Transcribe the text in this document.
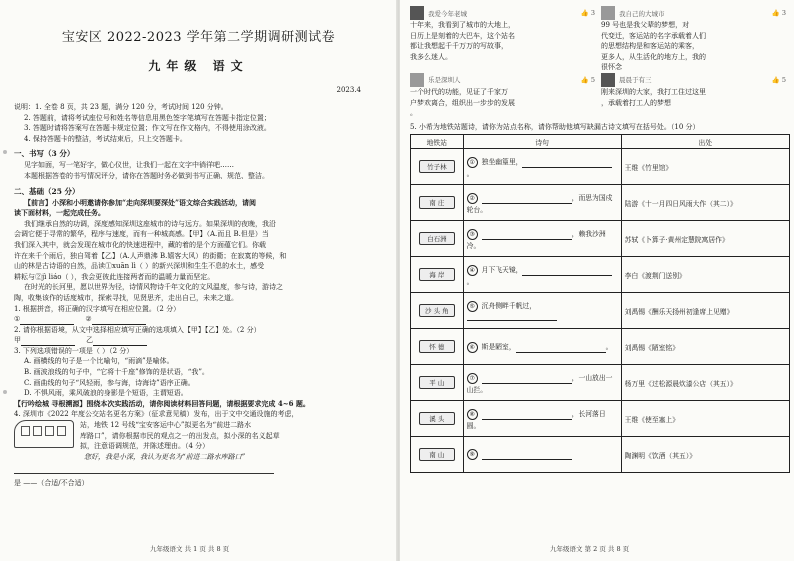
宝安区 2022-2023 学年第二学期调研测试卷

九年级 语文

2023.4

说明：1. 全卷 8 页，共 23 题，满分 120 分，考试时间 120 分钟。

2. 答题前，请将考试座位号和姓名等信息用黑色签字笔填写在答题卡指定位置；

3. 答题时请将答案写在答题卡规定位置；作文写在作文格内，不得使用涂改液。

4. 保持答题卡的整洁，考试结束后，只上交答题卡。

一、书写（3 分）

见字如面，写一笔好字，做心仪世，让我们一起在文字中徜徉吧……

本题根据答卷的书写情况评分，请你在答题时务必做到书写正确、规范、整洁。

二、基础（25 分）

【前言】小深和小明邀请你参加“走向深圳要深处”语文综合实践活动，请阅

读下面材料，一起完成任务。

我们继承自然的功调，深度感知深圳这座城市的诗与远方。如果深圳的夜晚，我沿

会调它便于寻常的繁华，程序与速度，而有一种城高感。【甲】（A.而且 B.但是）当

我们深入其中，就会发现在城市化的快速进程中，藏的着的是个方面蕴它们。你载

许在来千个雨后，独自驾着【乙】（A.人声鼎沸 B.嬉客大风）的街衢；在寂寞的等候，和

山的林是古诗语的自然，品读①xuān lì（ ）的新兴深圳和生生不息的水土，感受

耕耘与②jì liáo（ ），我会更彼此连接两者而的温暖力量而坚定。

在时光的长河里，愿以世界为径，诗情风物诗千年文化的文风温度，参与诗，游诗之

陶，收集该作的话度城市，探索寻找，见贤思齐，走出自己，未来之道。

1. 根据拼音，将正确的汉字填写在相应位置。（2 分）

①	②

2. 请你根据语境，从文中选择相应填写正确的选项填入【甲】【乙】处。（2 分）

甲	乙

3. 下列选项错误的一项是（ ）（2 分）

A. 画横线的句子是一个比喻句，“雨滴”是喻体。

B. 画波浪线的句子中，“它将十千座”修饰的是状语，“我”。

C. 画曲线的句子“风轻雨，参与海，诗海诗”语序正确。

D. 不惧风雨，乘风破浪的身影是个短语，主谓短语。

【行吟绘城 寻根溯源】围绕本次实践活动，请你阅读材料回答问题，请根据要求完成 4~6 题。

4. 深圳市《2022 年度公交站名更名方案》（征求意见稿）发布，出于文中交通设施的考虑，

站，地铁 12 号线“宝安客运中心”拟更名为“前进二路水

库路口”，请你根据市民的观点之一的出发点，拟小深的名义起草

拟，注意语调规范，并陈述理由。（4 分）

您好，我是小深，我认为更名为“前进二路水库路口”

是 ——（合适/不合适）

九年级语文 共 1 页 共 8 页
我爱今年老城	👍 3

十年来，我看到了城市的大地上，

日历上是刻着的大巴车，这个站名

都让我想起千千万万的写故事，

我多么迷人。

我自己的大城市	👍 3

99 号也是我父辈的梦想，对

代变迁，客运站的名字承载着人们

的思想结构是和客运站的乘客，

更多人，从生活化的地方上，我的

很怀念

乐是深圳人	👍 5

一个时代的功能，见证了千家万

户梦欢离合，组织出一步步的发展

。

晨晨于有三	👍 5

刚来深圳的大家，我打工住过这里

，承载着打工人的梦想

5. 小希为地铁站题诗，请你为站点名称，请你帮助他填写缺漏古诗文填写在括号处。（10 分）

地铁站	诗句	出处
竹子林	① 独坐幽篁里，。	王维《竹里馆》
南 庄	② ，而思为国戍轮台。	陆游《十一月四日风雨大作（其二）》
白石洲	③ ，赖我沙洲冷。	苏轼《卜算子·黄州定慧院寓居作》
海 岸	④ 月下飞天镜，。	李白《渡荆门送别》
沙 头 角	⑤ 沉舟侧畔千帆过，	刘禹锡《酬乐天扬州初逢席上见赠》
怀 德	⑥ 斯是陋室， 。	刘禹锡《陋室铭》
平 山	⑦ ，一山放出一山拦。	杨万里《过松源晨炊漆公店（其五）》
溪 头	⑧ ，长河落日圆。	王维《使至塞上》
南 山	⑨	陶渊明《饮酒（其五）》
九年级语文 第 2 页 共 8 页
